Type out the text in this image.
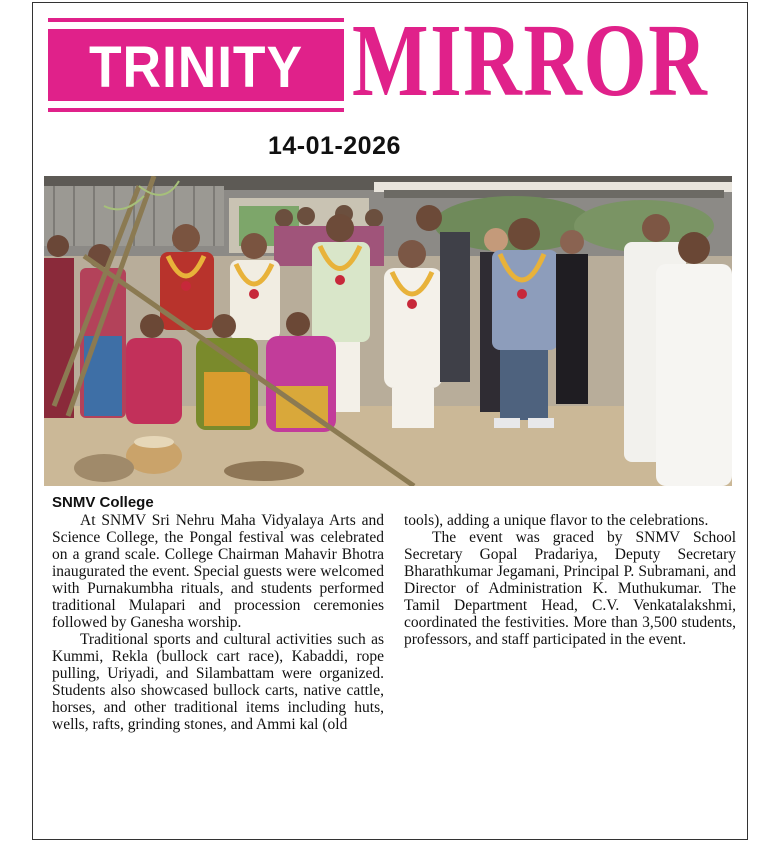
TRINITY MIRROR
14-01-2026

SNMV College

At SNMV Sri Nehru Maha Vidyalaya Arts and Science College, the Pongal festival was celebrated on a grand scale. College Chairman Mahavir Bhotra inaugurated the event. Special guests were welcomed with Purnakumbha rituals, and students performed traditional Mulapari and procession ceremonies followed by Ganesha worship.

Traditional sports and cultural activities such as Kummi, Rekla (bullock cart race), Kabaddi, rope pulling, Uriyadi, and Silambattam were organized. Students also showcased bullock carts, native cattle, horses, and other traditional items including huts, wells, rafts, grinding stones, and Ammi kal (old

tools), adding a unique flavor to the celebrations.

The event was graced by SNMV School Secretary Gopal Pradariya, Deputy Secretary Bharathkumar Jegamani, Principal P. Subramani, and Director of Administration K. Muthukumar. The Tamil Department Head, C.V. Venkatalakshmi, coordinated the festivities. More than 3,500 students, professors, and staff participated in the event.
